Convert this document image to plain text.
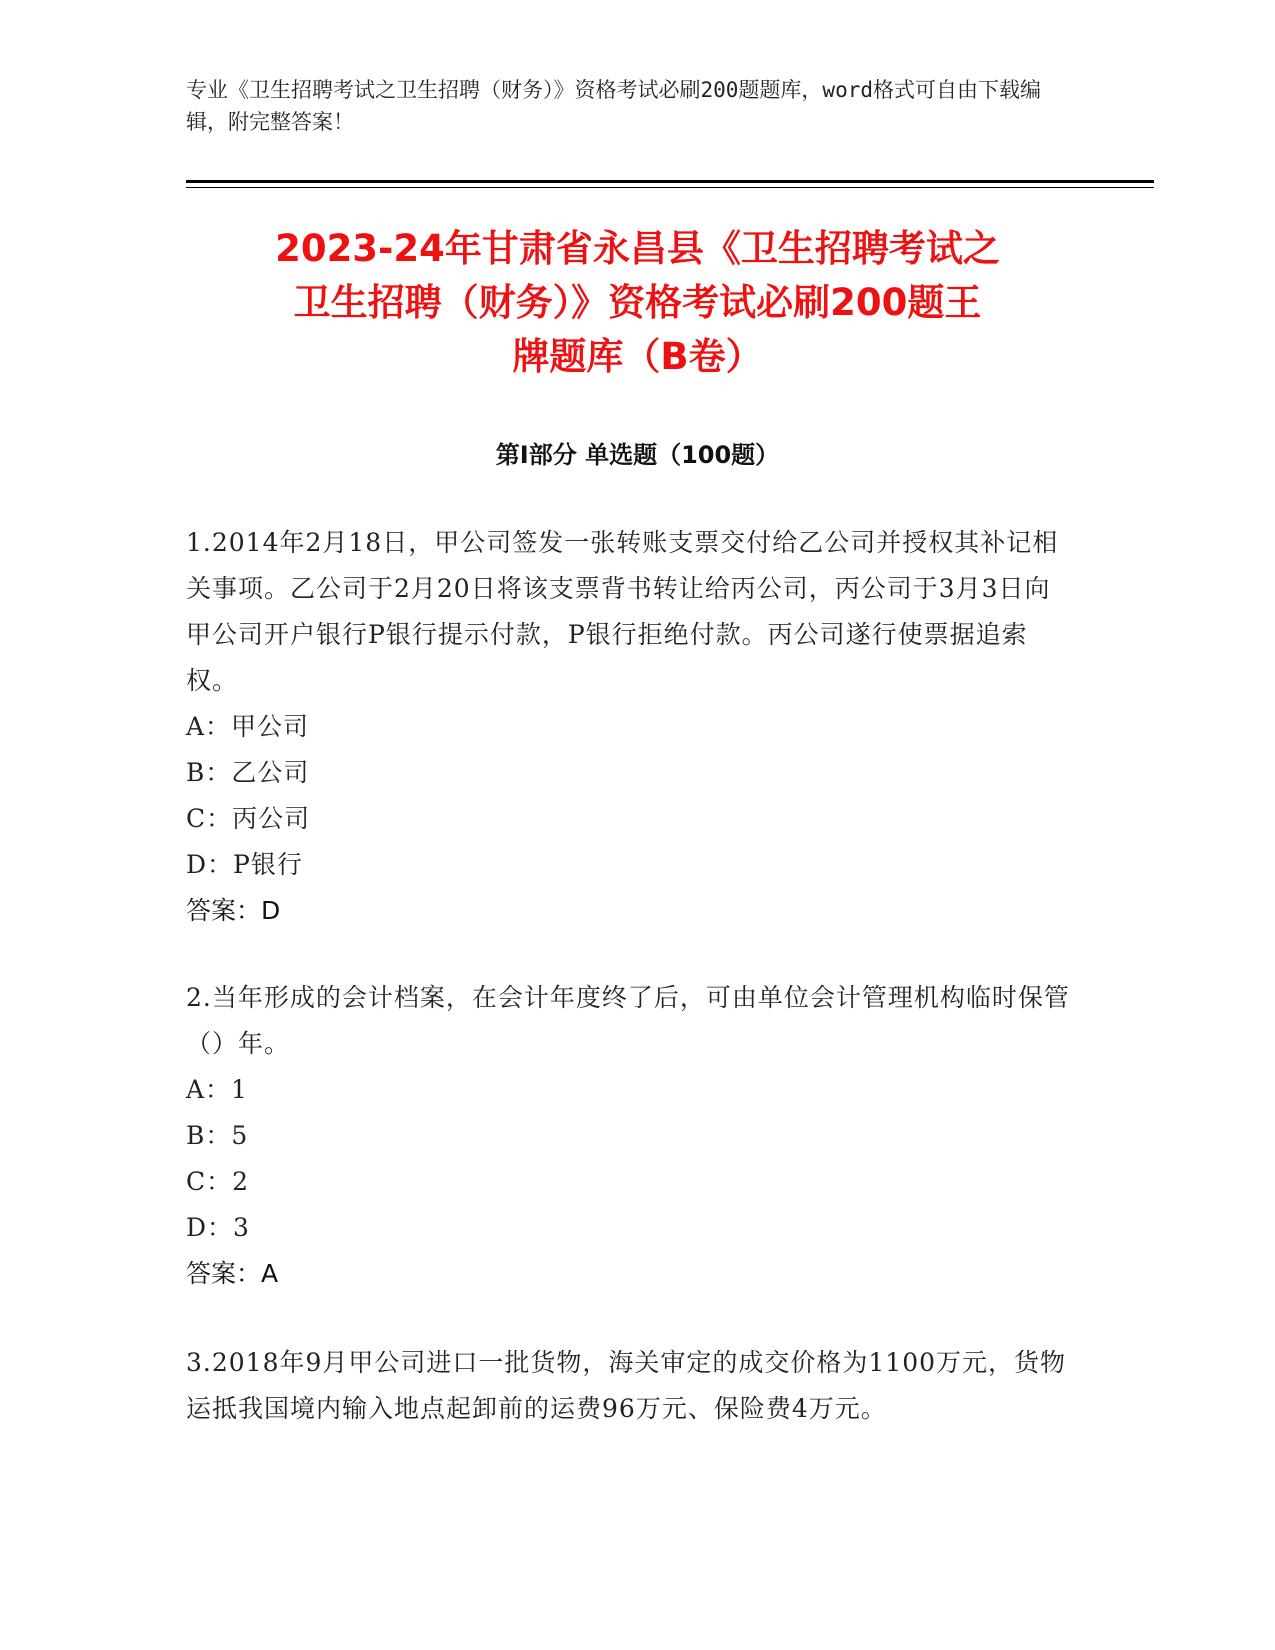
专业《卫生招聘考试之卫生招聘（财务）》资格考试必刷200题题库，word格式可自由下载编辑，附完整答案！

2023-24年甘肃省永昌县《卫生招聘考试之
卫生招聘（财务）》资格考试必刷200题王
牌题库（B卷）
第Ⅰ部分 单选题（100题）

1.2014年2月18日，甲公司签发一张转账支票交付给乙公司并授权其补记相关事项。乙公司于2月20日将该支票背书转让给丙公司，丙公司于3月3日向甲公司开户银行P银行提示付款，P银行拒绝付款。丙公司遂行使票据追索权。

A：甲公司

B：乙公司

C：丙公司

D：P银行

答案：D

2.当年形成的会计档案，在会计年度终了后，可由单位会计管理机构临时保管（）年。

A：1

B：5

C：2

D：3

答案：A

3.2018年9月甲公司进口一批货物，海关审定的成交价格为1100万元，货物运抵我国境内输入地点起卸前的运费96万元、保险费4万元。
